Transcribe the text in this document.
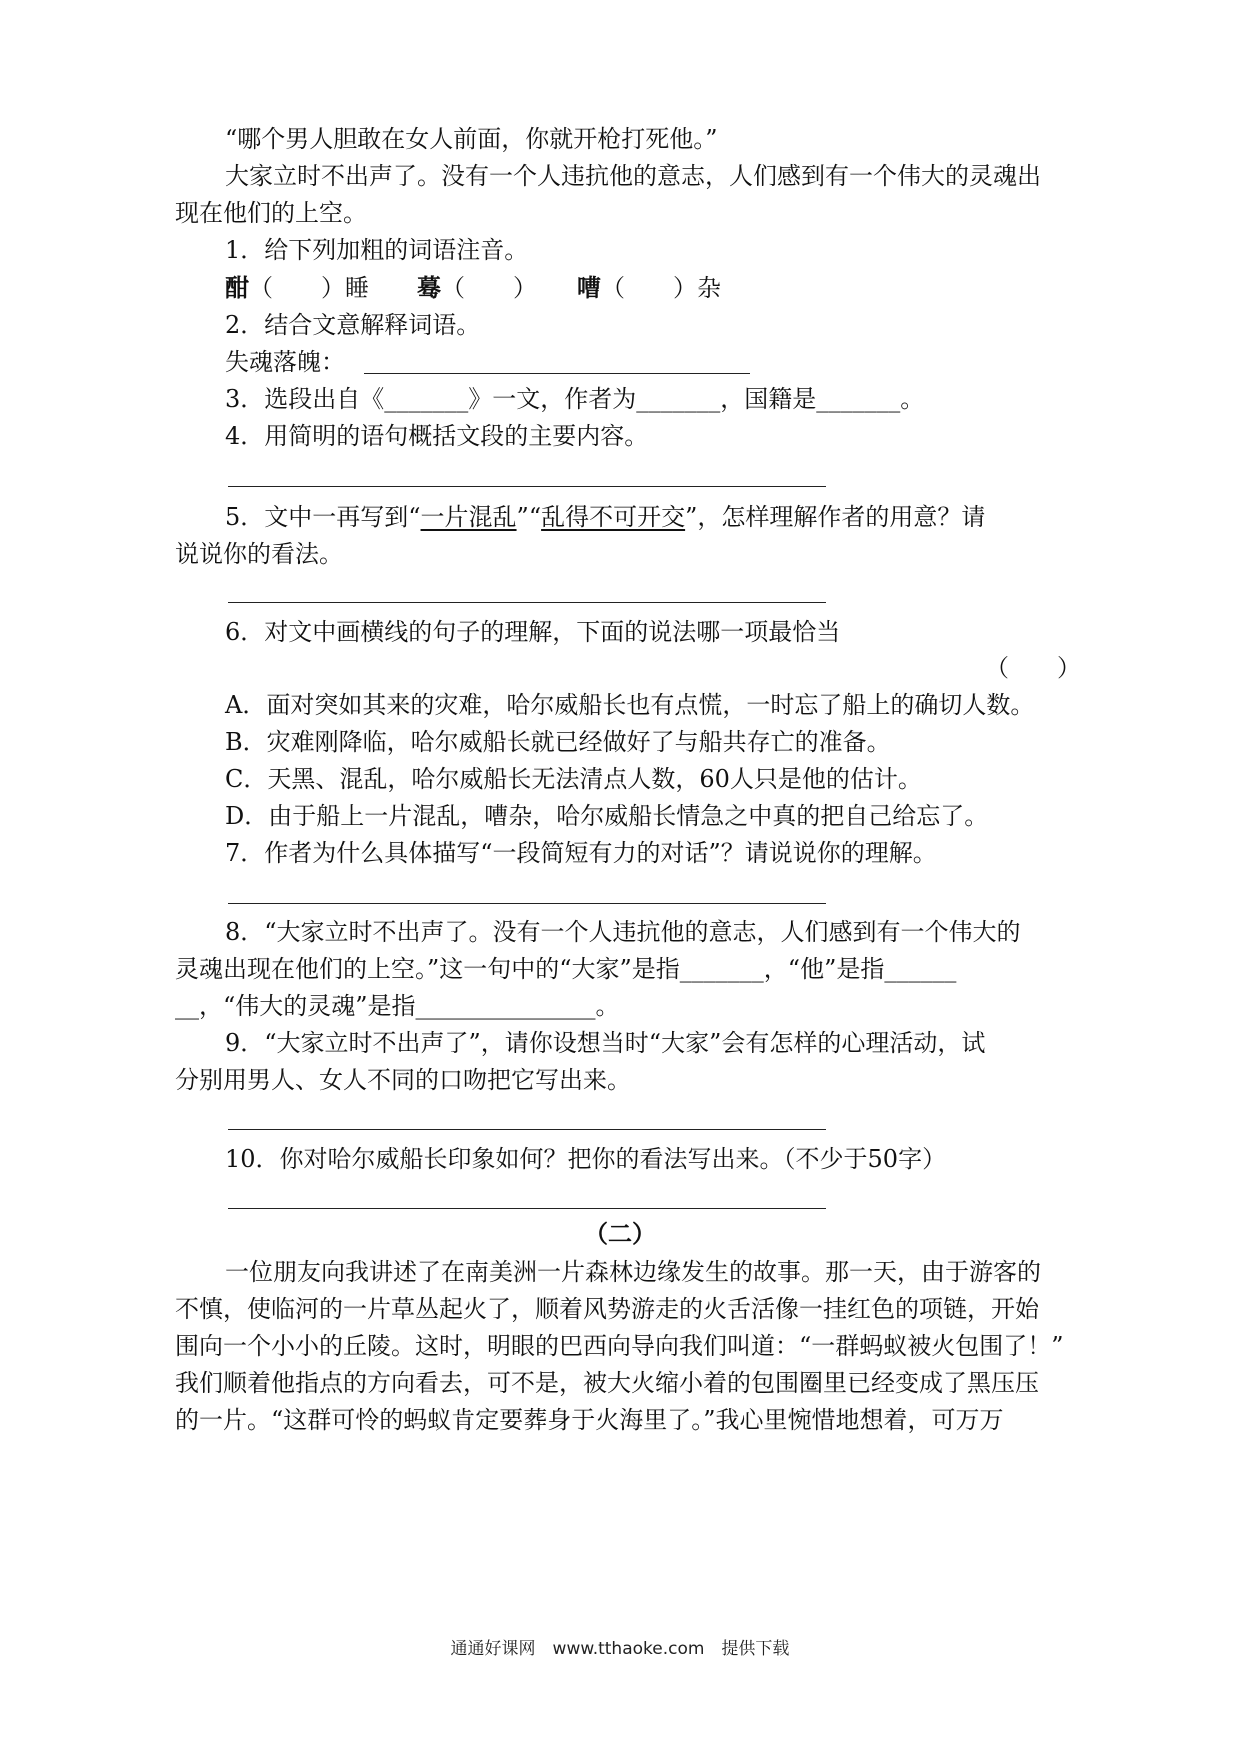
“哪个男人胆敢在女人前面，你就开枪打死他。”
大家立时不出声了。没有一个人违抗他的意志，人们感到有一个伟大的灵魂出
现在他们的上空。
1．给下列加粗的词语注音。
酣（　　）睡 蓦（　　） 嘈（　　）杂
2．结合文意解释词语。
失魂落魄：
3．选段出自《_______》一文，作者为_______，国籍是_______。
4．用简明的语句概括文段的主要内容。
5．文中一再写到“一片混乱”“乱得不可开交”，怎样理解作者的用意？请
说说你的看法。
6．对文中画横线的句子的理解，下面的说法哪一项最恰当
（　　）
A．面对突如其来的灾难，哈尔威船长也有点慌，一时忘了船上的确切人数。
B．灾难刚降临，哈尔威船长就已经做好了与船共存亡的准备。
C．天黑、混乱，哈尔威船长无法清点人数，60人只是他的估计。
D．由于船上一片混乱，嘈杂，哈尔威船长情急之中真的把自己给忘了。
7．作者为什么具体描写“一段简短有力的对话”？请说说你的理解。
8．“大家立时不出声了。没有一个人违抗他的意志，人们感到有一个伟大的
灵魂出现在他们的上空。”这一句中的“大家”是指_______，“他”是指______
__，“伟大的灵魂”是指_______________。
9．“大家立时不出声了”，请你设想当时“大家”会有怎样的心理活动，试
分别用男人、女人不同的口吻把它写出来。
10．你对哈尔威船长印象如何？把你的看法写出来。（不少于50字）
（二）
一位朋友向我讲述了在南美洲一片森林边缘发生的故事。那一天，由于游客的
不慎，使临河的一片草丛起火了，顺着风势游走的火舌活像一挂红色的项链，开始
围向一个小小的丘陵。这时，明眼的巴西向导向我们叫道：“一群蚂蚁被火包围了！”
我们顺着他指点的方向看去，可不是，被大火缩小着的包围圈里已经变成了黑压压
的一片。“这群可怜的蚂蚁肯定要葬身于火海里了。”我心里惋惜地想着，可万万
通通好课网　www.tthaoke.com　提供下载
